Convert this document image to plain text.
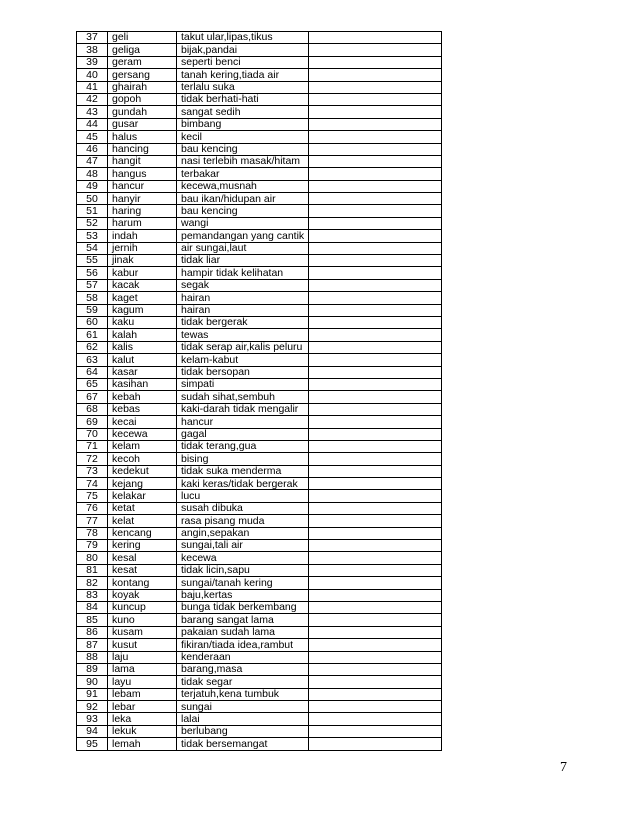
37	geli	takut ular,lipas,tikus	
38	geliga	bijak,pandai	
39	geram	seperti benci	
40	gersang	tanah kering,tiada air	
41	ghairah	terlalu suka	
42	gopoh	tidak berhati-hati	
43	gundah	sangat sedih	
44	gusar	bimbang	
45	halus	kecil	
46	hancing	bau kencing	
47	hangit	nasi terlebih masak/hitam	
48	hangus	terbakar	
49	hancur	kecewa,musnah	
50	hanyir	bau ikan/hidupan air	
51	haring	bau kencing	
52	harum	wangi	
53	indah	pemandangan yang cantik	
54	jernih	air sungai,laut	
55	jinak	tidak liar	
56	kabur	hampir tidak kelihatan	
57	kacak	segak	
58	kaget	hairan	
59	kagum	hairan	
60	kaku	tidak bergerak	
61	kalah	tewas	
62	kalis	tidak serap air,kalis peluru	
63	kalut	kelam-kabut	
64	kasar	tidak bersopan	
65	kasihan	simpati	
67	kebah	sudah sihat,sembuh	
68	kebas	kaki-darah tidak mengalir	
69	kecai	hancur	
70	kecewa	gagal	
71	kelam	tidak terang,gua	
72	kecoh	bising	
73	kedekut	tidak suka menderma	
74	kejang	kaki keras/tidak bergerak	
75	kelakar	lucu	
76	ketat	susah dibuka	
77	kelat	rasa pisang muda	
78	kencang	angin,sepakan	
79	kering	sungai,tali air	
80	kesal	kecewa	
81	kesat	tidak licin,sapu	
82	kontang	sungai/tanah kering	
83	koyak	baju,kertas	
84	kuncup	bunga tidak berkembang	
85	kuno	barang sangat lama	
86	kusam	pakaian sudah lama	
87	kusut	fikiran/tiada idea,rambut	
88	laju	kenderaan	
89	lama	barang,masa	
90	layu	tidak segar	
91	lebam	terjatuh,kena tumbuk	
92	lebar	sungai	
93	leka	lalai	
94	lekuk	berlubang	
95	lemah	tidak bersemangat	
7
